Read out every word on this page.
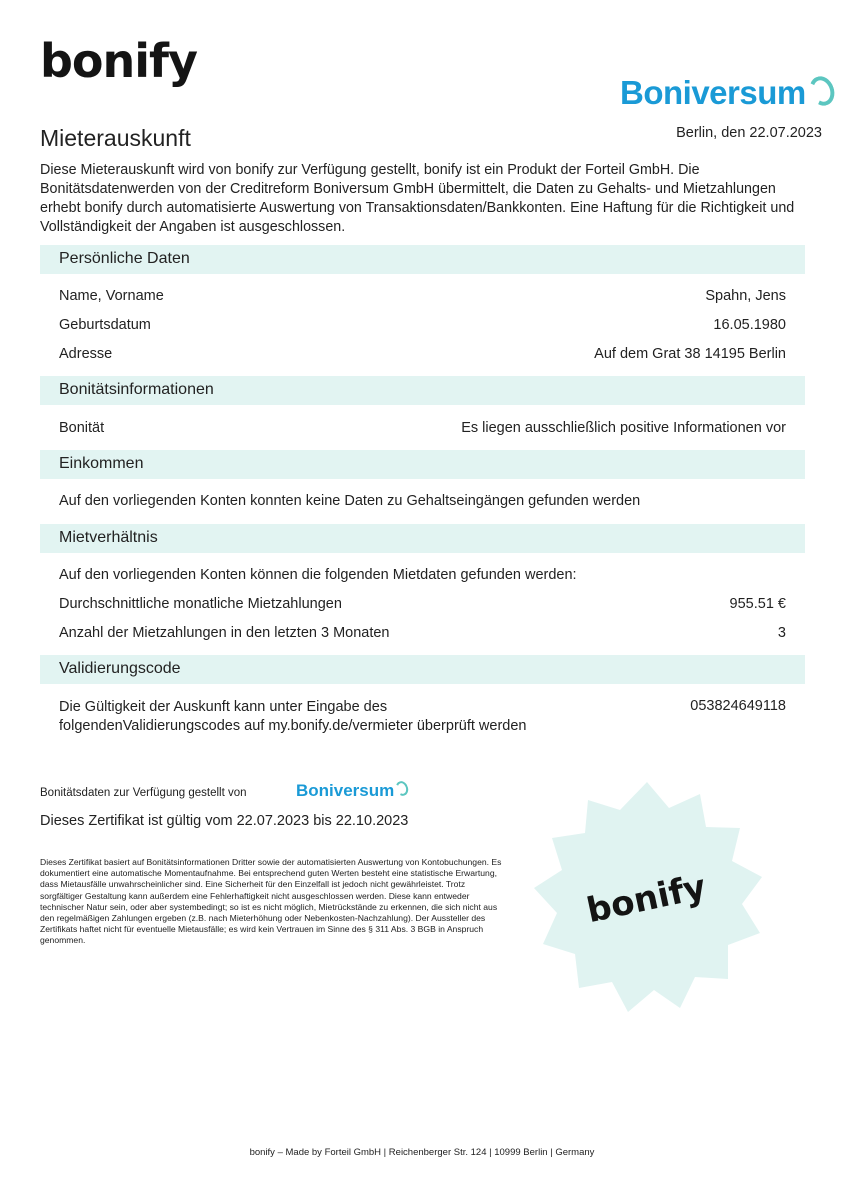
bonify
Boniversum
Mieterauskunft	Berlin, den 22.07.2023
Diese Mieterauskunft wird von bonify zur Verfügung gestellt, bonify ist ein Produkt der Forteil GmbH. Die Bonitätsdatenwerden von der Creditreform Boniversum GmbH übermittelt, die Daten zu Gehalts- und Mietzahlungen erhebt bonify durch automatisierte Auswertung von Transaktionsdaten/Bankkonten. Eine Haftung für die Richtigkeit und Vollständigkeit der Angaben ist ausgeschlossen.
Persönliche Daten
Name, Vorname	Spahn, Jens
Geburtsdatum	16.05.1980
Adresse	Auf dem Grat 38 14195 Berlin
Bonitätsinformationen
Bonität	Es liegen ausschließlich positive Informationen vor
Einkommen
Auf den vorliegenden Konten konnten keine Daten zu Gehaltseingängen gefunden werden
Mietverhältnis
Auf den vorliegenden Konten können die folgenden Mietdaten gefunden werden:
Durchschnittliche monatliche Mietzahlungen	955.51 €
Anzahl der Mietzahlungen in den letzten 3 Monaten	3
Validierungscode
Die Gültigkeit der Auskunft kann unter Eingabe des folgendenValidierungscodes auf my.bonify.de/vermieter überprüft werden
053824649118
Bonitätsdaten zur Verfügung gestellt von	Boniversum
Dieses Zertifikat ist gültig vom 22.07.2023 bis 22.10.2023
Dieses Zertifikat basiert auf Bonitätsinformationen Dritter sowie der automatisierten Auswertung von Kontobuchungen. Es dokumentiert eine automatische Momentaufnahme. Bei entsprechend guten Werten besteht eine statistische Erwartung, dass Mietausfälle unwahrscheinlicher sind. Eine Sicherheit für den Einzelfall ist jedoch nicht gewährleistet. Trotz sorgfältiger Gestaltung kann außerdem eine Fehlerhaftigkeit nicht ausgeschlossen werden. Diese kann entweder technischer Natur sein, oder aber systembedingt; so ist es nicht möglich, Mietrückstände zu erkennen, die sich nicht aus den regelmäßigen Zahlungen ergeben (z.B. nach Mieterhöhung oder Nebenkosten-Nachzahlung). Der Aussteller des Zertifikats haftet nicht für eventuelle Mietausfälle; es wird kein Vertrauen im Sinne des § 311 Abs. 3 BGB in Anspruch genommen.
bonify
bonify – Made by Forteil GmbH | Reichenberger Str. 124 | 10999 Berlin | Germany
